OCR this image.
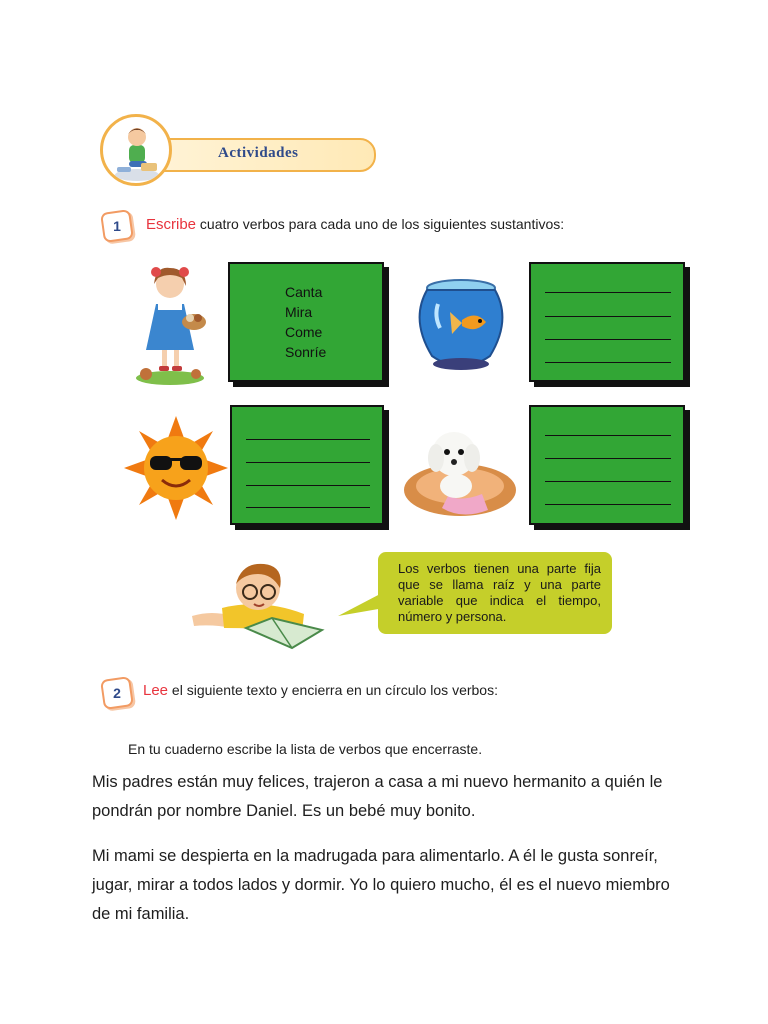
Actividades
1	Escribe cuatro verbos para cada uno de los siguientes sustantivos:
Canta
Mira
Come
Sonríe
Los verbos tienen una parte fija que se llama raíz y una parte variable que indica el tiempo, número y persona.
2	Lee el siguiente texto y encierra en un círculo los verbos:
En tu cuaderno escribe la lista de verbos que encerraste.
Mis padres están muy felices, trajeron a casa a mi nuevo hermanito a quién le
pondrán por nombre Daniel. Es un bebé muy bonito.
Mi mami se despierta en la madrugada para alimentarlo. A él le gusta sonreír,
jugar, mirar a todos lados y dormir. Yo lo quiero mucho, él es el nuevo miembro
de mi familia.
